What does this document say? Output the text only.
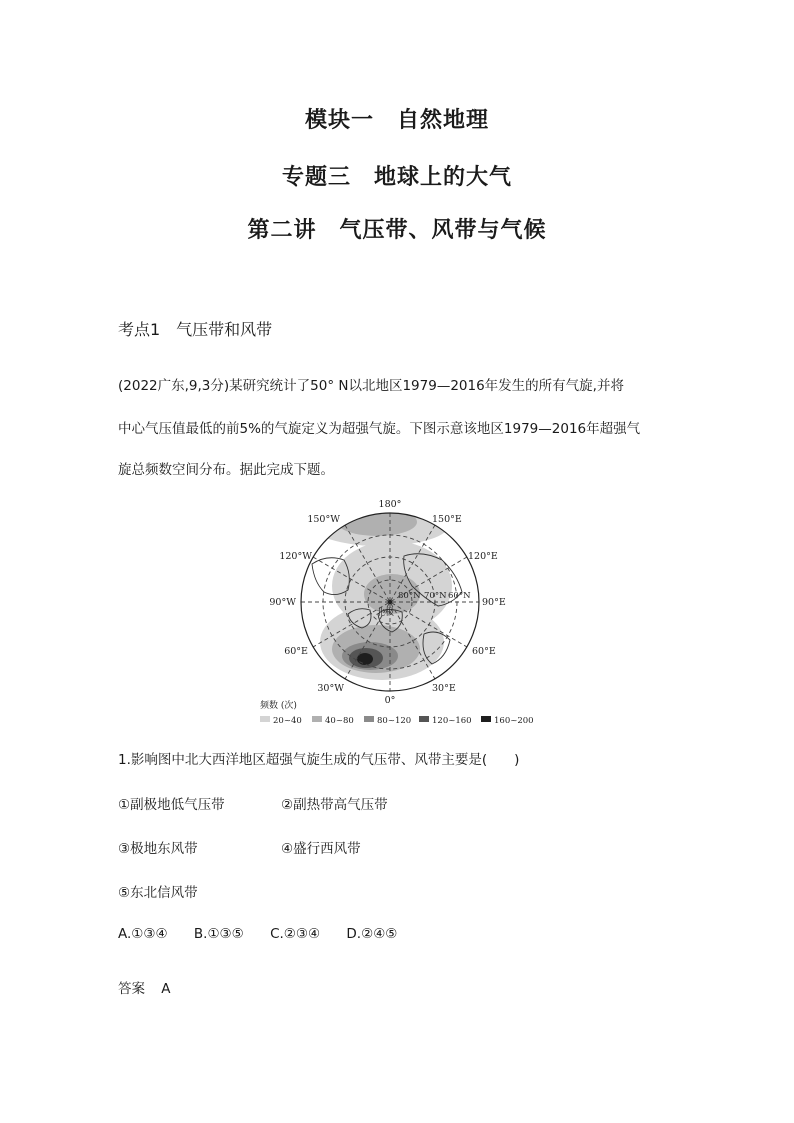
模块一　自然地理
专题三　地球上的大气
第二讲　气压带、风带与气候
考点1　气压带和风带
(2022广东,9,3分)某研究统计了50° N以北地区1979—2016年发生的所有气旋,并将
中心气压值最低的前5%的气旋定义为超强气旋。下图示意该地区1979—2016年超强气
旋总频数空间分布。据此完成下题。
180°
0°
90°W	90°E
150°W	150°E
120°W	120°E
60°E	60°E
30°W	30°E
80°N 70°N 60°N
北极
频数 (次)
20~40	40~80	80~120 120~160	160~200
1.影响图中北大西洋地区超强气旋生成的气压带、风带主要是(　　)
①副极地低气压带	②副热带高气压带
③极地东风带	④盛行西风带
⑤东北信风带
A.①③④ B.①③⑤ C.②③④ D.②④⑤
答案 A
